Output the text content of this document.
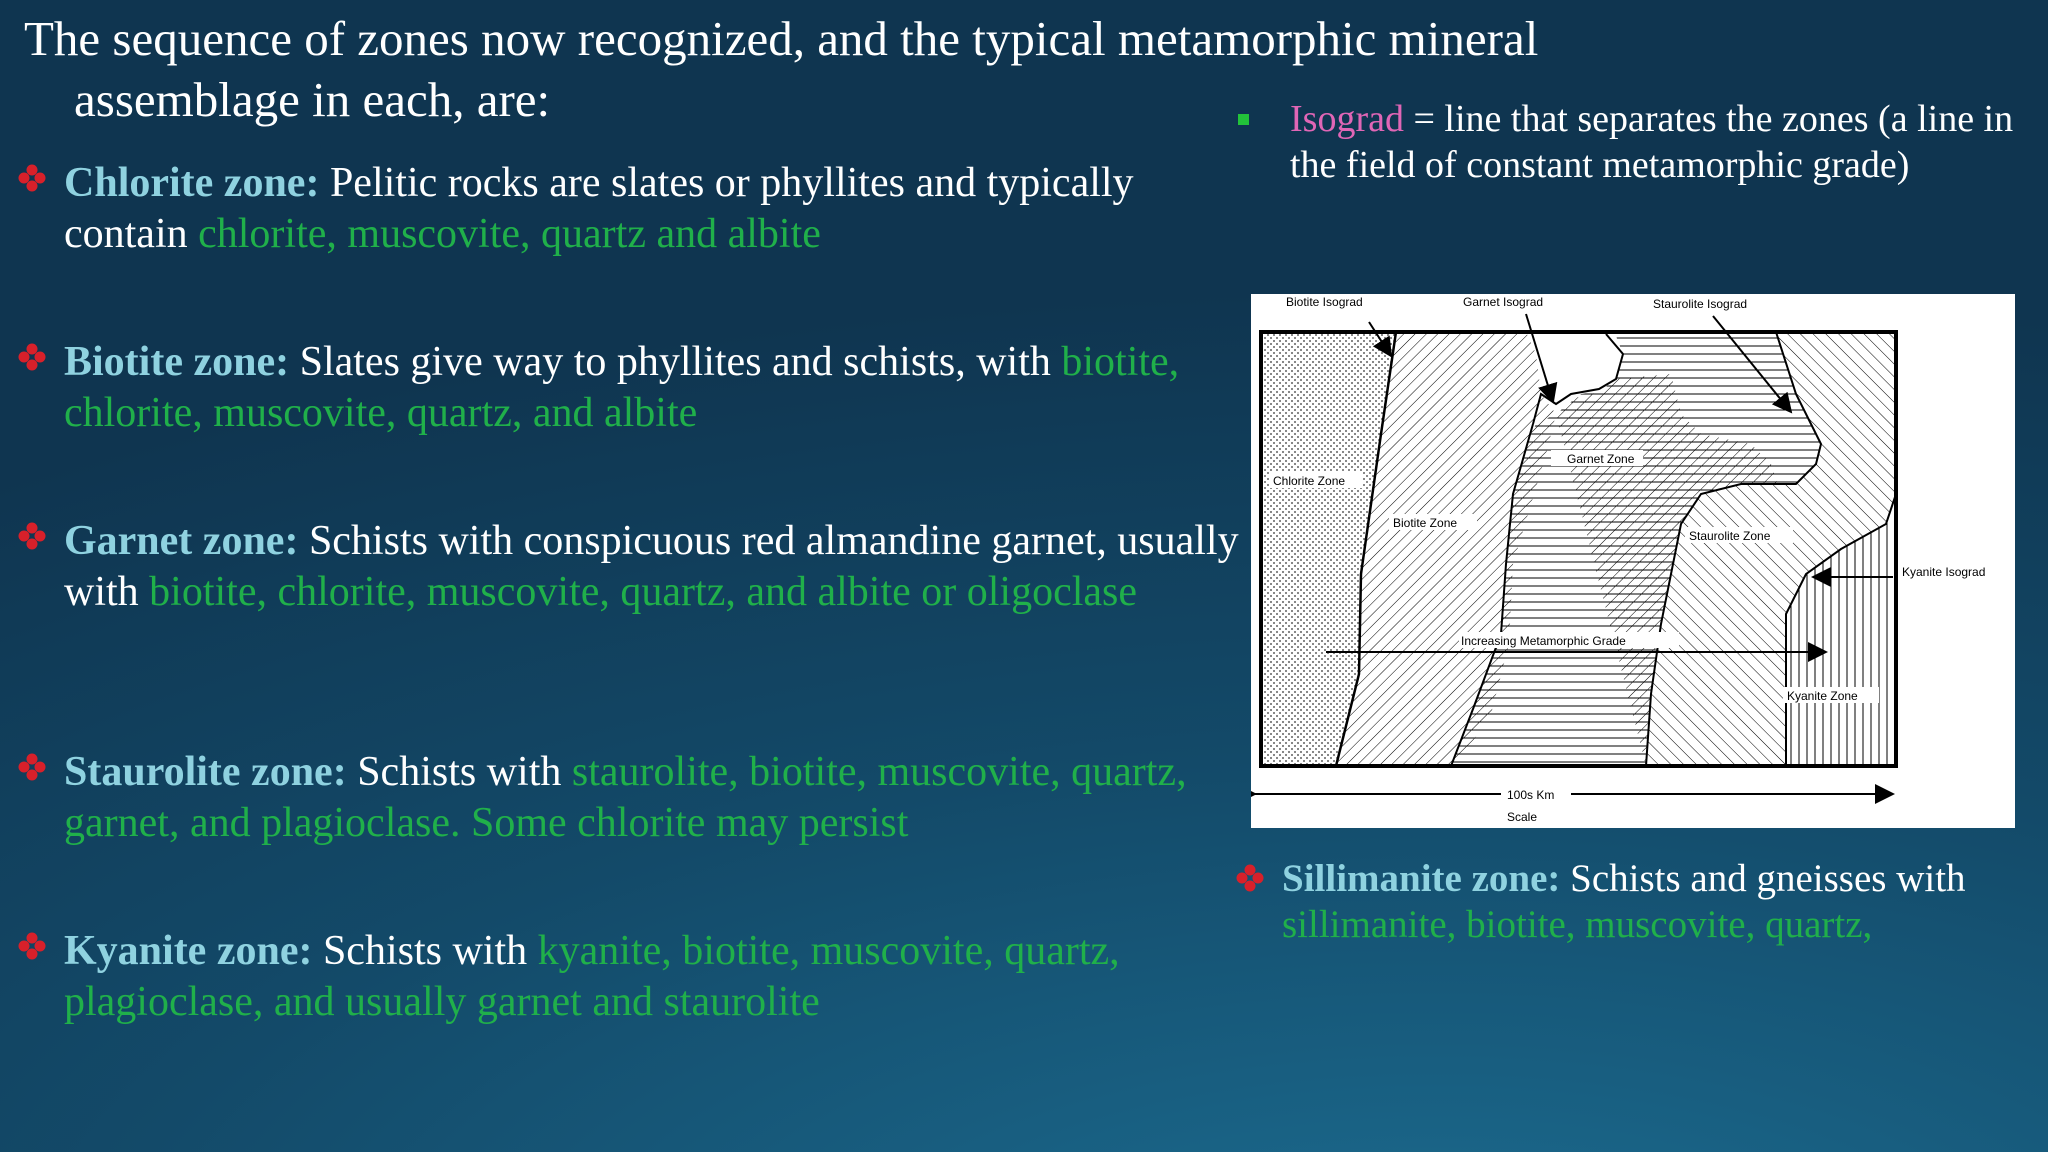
The sequence of zones now recognized, and the typical metamorphic mineral
assemblage in each, are:
Chlorite zone: Pelitic rocks are slates or phyllites and typically contain chlorite, muscovite, quartz and albite
Biotite zone: Slates give way to phyllites and schists, with biotite, chlorite, muscovite, quartz, and albite
Garnet zone: Schists with conspicuous red almandine garnet, usually with biotite, chlorite, muscovite, quartz, and albite or oligoclase
Staurolite zone: Schists with staurolite, biotite, muscovite, quartz, garnet, and plagioclase. Some chlorite may persist
Kyanite zone: Schists with kyanite, biotite, muscovite, quartz, plagioclase, and usually garnet and staurolite
Isograd = line that separates the zones (a line in the field of constant metamorphic grade)
Chlorite Zone
Biotite Zone
Garnet Zone
Staurolite Zone
Kyanite Zone
Increasing Metamorphic Grade
Biotite Isograd	Garnet Isograd	Staurolite Isograd
Kyanite Isograd
100s Km
Scale
Sillimanite zone: Schists and gneisses with sillimanite, biotite, muscovite, quartz,
